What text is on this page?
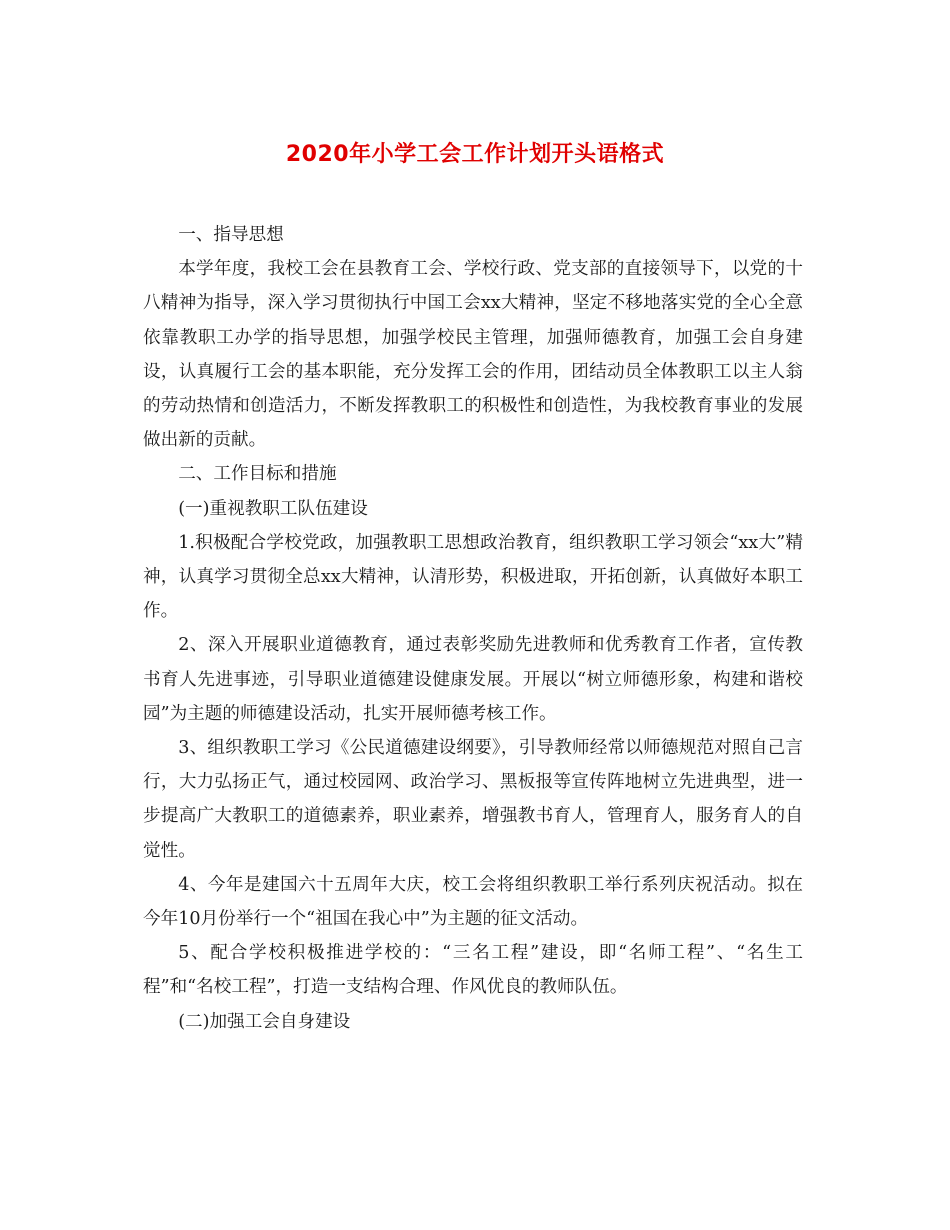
2020年小学工会工作计划开头语格式

一、指导思想

本学年度，我校工会在县教育工会、学校行政、党支部的直接领导下，以党的十八精神为指导，深入学习贯彻执行中国工会xx大精神，坚定不移地落实党的全心全意依靠教职工办学的指导思想，加强学校民主管理，加强师德教育，加强工会自身建设，认真履行工会的基本职能，充分发挥工会的作用，团结动员全体教职工以主人翁的劳动热情和创造活力，不断发挥教职工的积极性和创造性，为我校教育事业的发展做出新的贡献。

二、工作目标和措施

(一)重视教职工队伍建设

1.积极配合学校党政，加强教职工思想政治教育，组织教职工学习领会“xx大”精神，认真学习贯彻全总xx大精神，认清形势，积极进取，开拓创新，认真做好本职工作。

2、深入开展职业道德教育，通过表彰奖励先进教师和优秀教育工作者，宣传教书育人先进事迹，引导职业道德建设健康发展。开展以“树立师德形象，构建和谐校园”为主题的师德建设活动，扎实开展师德考核工作。

3、组织教职工学习《公民道德建设纲要》，引导教师经常以师德规范对照自己言行，大力弘扬正气，通过校园网、政治学习、黑板报等宣传阵地树立先进典型，进一步提高广大教职工的道德素养，职业素养，增强教书育人，管理育人，服务育人的自觉性。

4、今年是建国六十五周年大庆，校工会将组织教职工举行系列庆祝活动。拟在今年10月份举行一个“祖国在我心中”为主题的征文活动。

5、配合学校积极推进学校的：“三名工程”建设，即“名师工程”、“名生工程”和“名校工程”，打造一支结构合理、作风优良的教师队伍。

(二)加强工会自身建设
